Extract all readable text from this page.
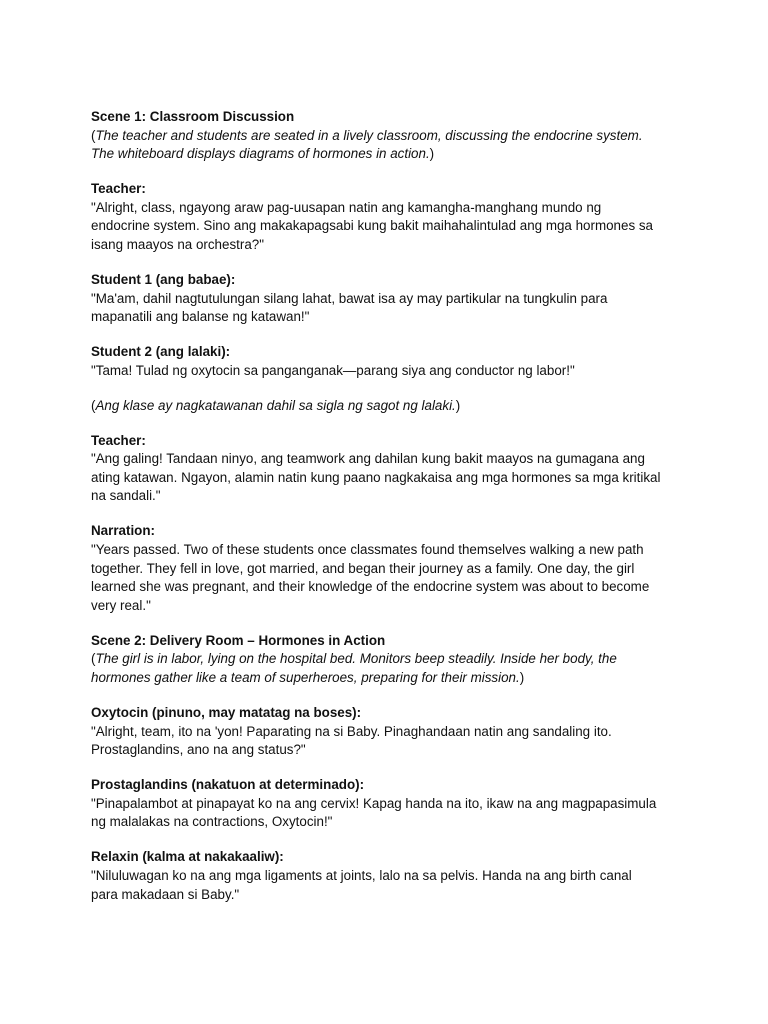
Scene 1: Classroom Discussion
(The teacher and students are seated in a lively classroom, discussing the endocrine system.
The whiteboard displays diagrams of hormones in action.)
Teacher:
"Alright, class, ngayong araw pag-uusapan natin ang kamangha-manghang mundo ng
endocrine system. Sino ang makakapagsabi kung bakit maihahalintulad ang mga hormones sa
isang maayos na orchestra?"
Student 1 (ang babae):
"Ma'am, dahil nagtutulungan silang lahat, bawat isa ay may partikular na tungkulin para
mapanatili ang balanse ng katawan!"
Student 2 (ang lalaki):
"Tama! Tulad ng oxytocin sa panganganak—parang siya ang conductor ng labor!"
(Ang klase ay nagkatawanan dahil sa sigla ng sagot ng lalaki.)
Teacher:
"Ang galing! Tandaan ninyo, ang teamwork ang dahilan kung bakit maayos na gumagana ang
ating katawan. Ngayon, alamin natin kung paano nagkakaisa ang mga hormones sa mga kritikal
na sandali."
Narration:
"Years passed. Two of these students once classmates found themselves walking a new path
together. They fell in love, got married, and began their journey as a family. One day, the girl
learned she was pregnant, and their knowledge of the endocrine system was about to become
very real."
Scene 2: Delivery Room – Hormones in Action
(The girl is in labor, lying on the hospital bed. Monitors beep steadily. Inside her body, the
hormones gather like a team of superheroes, preparing for their mission.)
Oxytocin (pinuno, may matatag na boses):
"Alright, team, ito na 'yon! Paparating na si Baby. Pinaghandaan natin ang sandaling ito.
Prostaglandins, ano na ang status?"
Prostaglandins (nakatuon at determinado):
"Pinapalambot at pinapayat ko na ang cervix! Kapag handa na ito, ikaw na ang magpapasimula
ng malalakas na contractions, Oxytocin!"
Relaxin (kalma at nakakaaliw):
"Niluluwagan ko na ang mga ligaments at joints, lalo na sa pelvis. Handa na ang birth canal
para makadaan si Baby."
